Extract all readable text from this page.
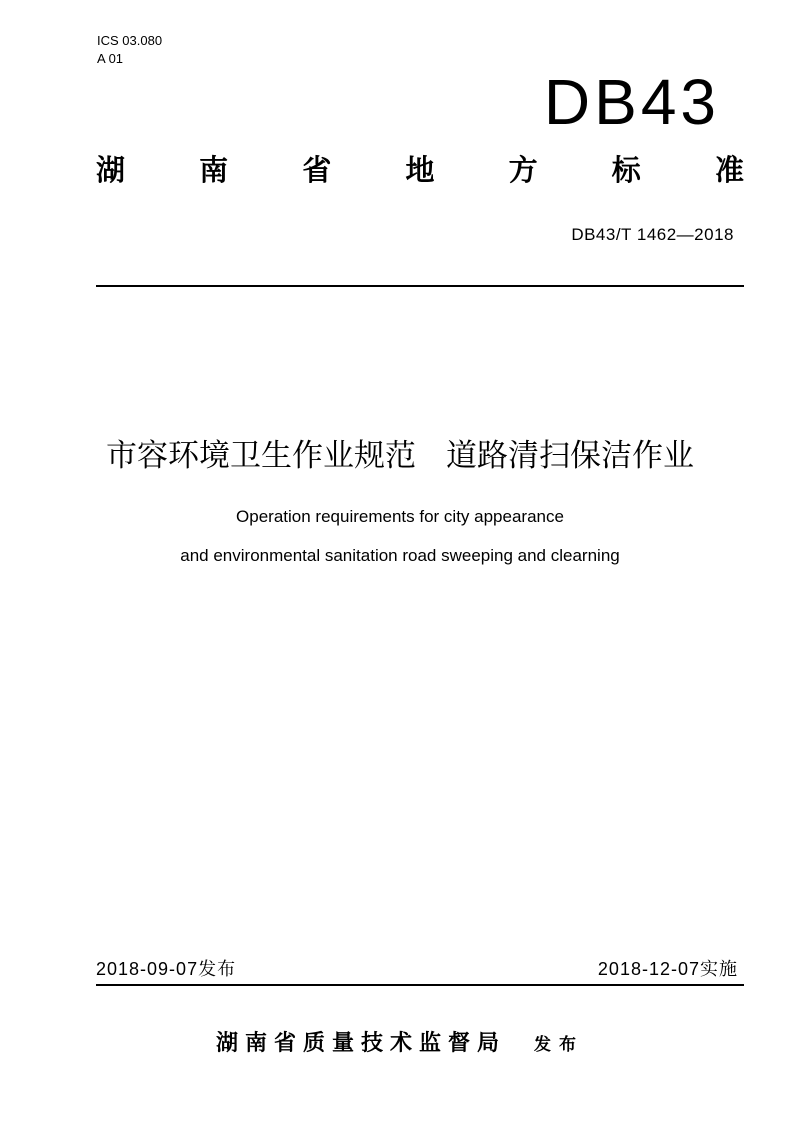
ICS 03.080
A 01
DB43
湖	南	省	地	方	标	准
DB43/T 1462—2018
市容环境卫生作业规范 道路清扫保洁作业
Operation requirements for city appearance
and environmental sanitation road sweeping and clearning
2018-09-07发布	2018-12-07实施
湖南省质量技术监督局 发布
